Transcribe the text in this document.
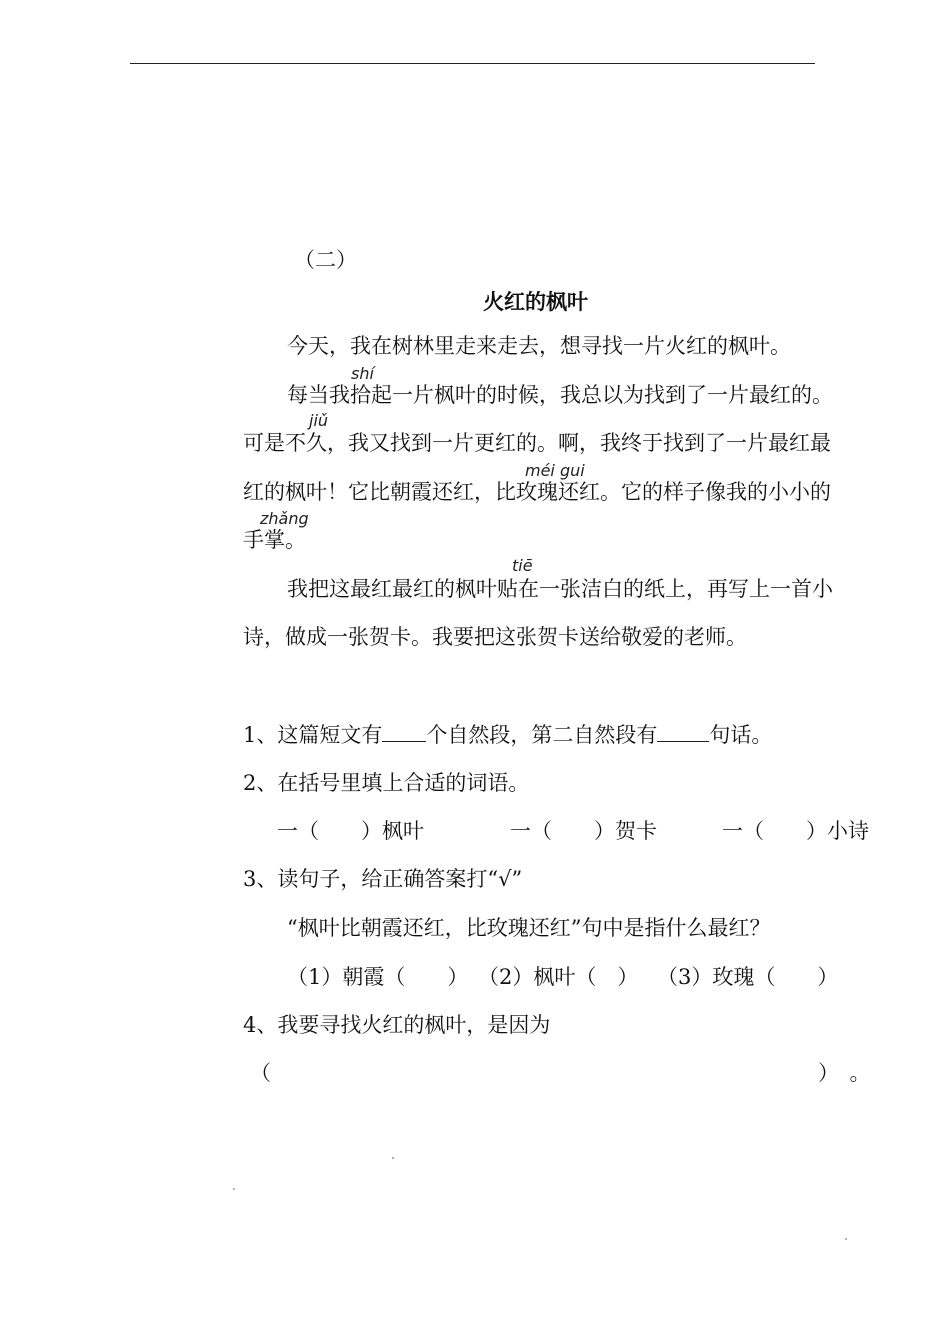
（二）
火红的枫叶
今天，我在树林里走来走去，想寻找一片火红的枫叶。
shí
每当我拾起一片枫叶的时候，我总以为找到了一片最红的。
jiǔ
可是不久，我又找到一片更红的。啊，我终于找到了一片最红最
méi gui
红的枫叶！它比朝霞还红，比玫瑰还红。它的样子像我的小小的
zhǎng
手掌。
tiē
我把这最红最红的枫叶贴在一张洁白的纸上，再写上一首小
诗，做成一张贺卡。我要把这张贺卡送给敬爱的老师。
1、这篇短文有 个自然段，第二自然段有 句话。
2、在括号里填上合适的词语。
一（　　）枫叶	一（　　）贺卡	一（　　）小诗
3、读句子，给正确答案打“√”
“枫叶比朝霞还红，比玫瑰还红”句中是指什么最红？
（1）朝霞（　　） （2）枫叶（　） （3）玫瑰（　　）
4、我要寻找火红的枫叶，是因为
（	）　。
